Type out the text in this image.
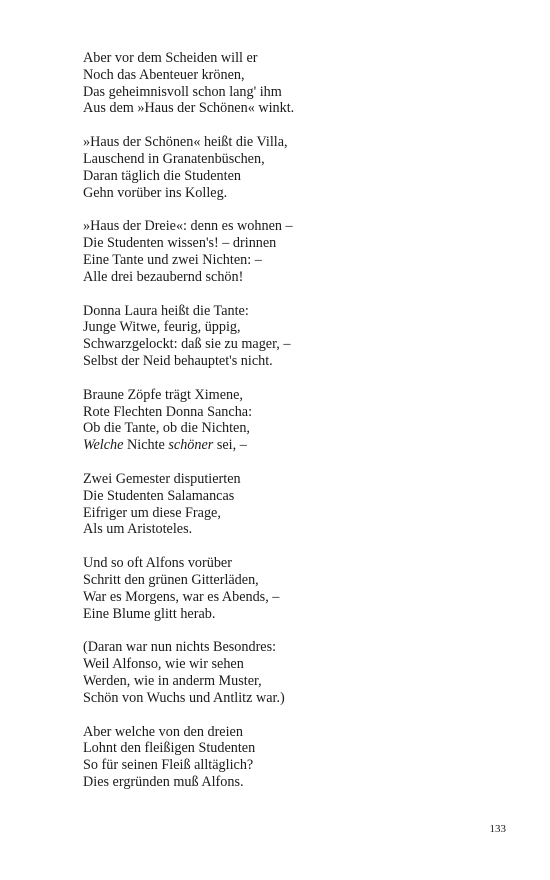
Aber vor dem Scheiden will er
Noch das Abenteuer krönen,
Das geheimnisvoll schon lang' ihm
Aus dem »Haus der Schönen« winkt.
»Haus der Schönen« heißt die Villa,
Lauschend in Granatenbüschen,
Daran täglich die Studenten
Gehn vorüber ins Kolleg.
»Haus der Dreie«: denn es wohnen –
Die Studenten wissen's! – drinnen
Eine Tante und zwei Nichten: –
Alle drei bezaubernd schön!
Donna Laura heißt die Tante:
Junge Witwe, feurig, üppig,
Schwarzgelockt: daß sie zu mager, –
Selbst der Neid behauptet's nicht.
Braune Zöpfe trägt Ximene,
Rote Flechten Donna Sancha:
Ob die Tante, ob die Nichten,
Welche Nichte schöner sei, –
Zwei Gemester disputierten
Die Studenten Salamancas
Eifriger um diese Frage,
Als um Aristoteles.
Und so oft Alfons vorüber
Schritt den grünen Gitterläden,
War es Morgens, war es Abends, –
Eine Blume glitt herab.
(Daran war nun nichts Besondres:
Weil Alfonso, wie wir sehen
Werden, wie in anderm Muster,
Schön von Wuchs und Antlitz war.)
Aber welche von den dreien
Lohnt den fleißigen Studenten
So für seinen Fleiß alltäglich?
Dies ergründen muß Alfons.
133
